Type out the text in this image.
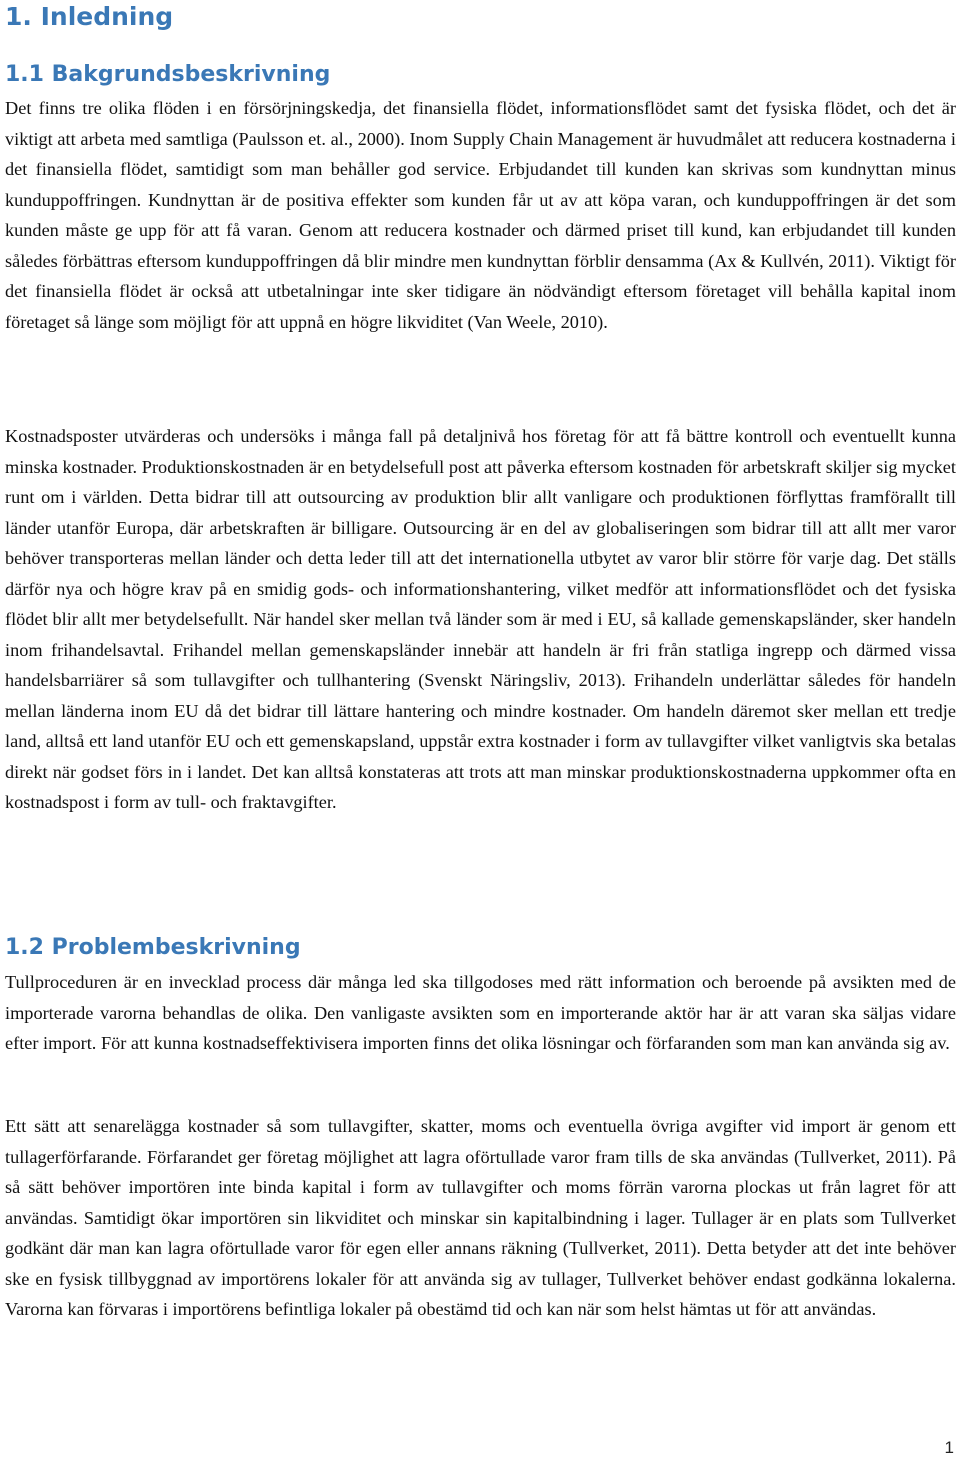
1. Inledning
1.1 Bakgrundsbeskrivning

Det finns tre olika flöden i en försörjningskedja, det finansiella flödet, informationsflödet samt det fysiska flödet, och det är viktigt att arbeta med samtliga (Paulsson et. al., 2000). Inom Supply Chain Management är huvudmålet att reducera kostnaderna i det finansiella flödet, samtidigt som man behåller god service. Erbjudandet till kunden kan skrivas som kundnyttan minus kunduppoffringen. Kundnyttan är de positiva effekter som kunden får ut av att köpa varan, och kunduppoffringen är det som kunden måste ge upp för att få varan. Genom att reducera kostnader och därmed priset till kund, kan erbjudandet till kunden således förbättras eftersom kunduppoffringen då blir mindre men kundnyttan förblir densamma (Ax & Kullvén, 2011). Viktigt för det finansiella flödet är också att utbetalningar inte sker tidigare än nödvändigt eftersom företaget vill behålla kapital inom företaget så länge som möjligt för att uppnå en högre likviditet (Van Weele, 2010).

Kostnadsposter utvärderas och undersöks i många fall på detaljnivå hos företag för att få bättre kontroll och eventuellt kunna minska kostnader. Produktionskostnaden är en betydelsefull post att påverka eftersom kostnaden för arbetskraft skiljer sig mycket runt om i världen. Detta bidrar till att outsourcing av produktion blir allt vanligare och produktionen förflyttas framförallt till länder utanför Europa, där arbetskraften är billigare. Outsourcing är en del av globaliseringen som bidrar till att allt mer varor behöver transporteras mellan länder och detta leder till att det internationella utbytet av varor blir större för varje dag. Det ställs därför nya och högre krav på en smidig gods- och informationshantering, vilket medför att informationsflödet och det fysiska flödet blir allt mer betydelsefullt. När handel sker mellan två länder som är med i EU, så kallade gemenskapsländer, sker handeln inom frihandelsavtal. Frihandel mellan gemenskapsländer innebär att handeln är fri från statliga ingrepp och därmed vissa handelsbarriärer så som tullavgifter och tullhantering (Svenskt Näringsliv, 2013). Frihandeln underlättar således för handeln mellan länderna inom EU då det bidrar till lättare hantering och mindre kostnader. Om handeln däremot sker mellan ett tredje land, alltså ett land utanför EU och ett gemenskapsland, uppstår extra kostnader i form av tullavgifter vilket vanligtvis ska betalas direkt när godset förs in i landet. Det kan alltså konstateras att trots att man minskar produktionskostnaderna uppkommer ofta en kostnadspost i form av tull- och fraktavgifter.

1.2 Problembeskrivning

Tullproceduren är en invecklad process där många led ska tillgodoses med rätt information och beroende på avsikten med de importerade varorna behandlas de olika. Den vanligaste avsikten som en importerande aktör har är att varan ska säljas vidare efter import. För att kunna kostnadseffektivisera importen finns det olika lösningar och förfaranden som man kan använda sig av.

Ett sätt att senarelägga kostnader så som tullavgifter, skatter, moms och eventuella övriga avgifter vid import är genom ett tullagerförfarande. Förfarandet ger företag möjlighet att lagra oförtullade varor fram tills de ska användas (Tullverket, 2011). På så sätt behöver importören inte binda kapital i form av tullavgifter och moms förrän varorna plockas ut från lagret för att användas. Samtidigt ökar importören sin likviditet och minskar sin kapitalbindning i lager. Tullager är en plats som Tullverket godkänt där man kan lagra oförtullade varor för egen eller annans räkning (Tullverket, 2011). Detta betyder att det inte behöver ske en fysisk tillbyggnad av importörens lokaler för att använda sig av tullager, Tullverket behöver endast godkänna lokalerna. Varorna kan förvaras i importörens befintliga lokaler på obestämd tid och kan när som helst hämtas ut för att användas.

1
